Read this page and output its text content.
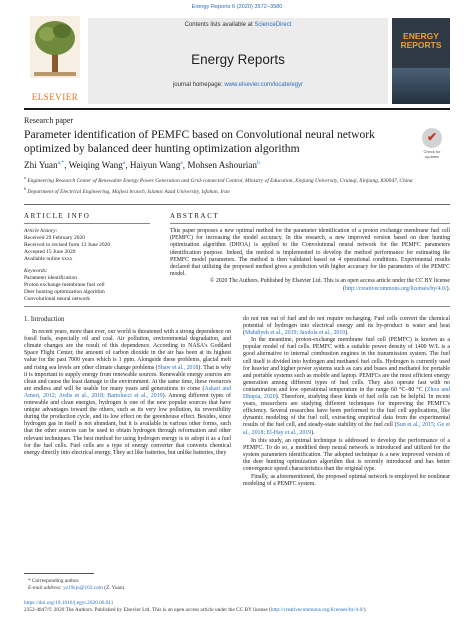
Energy Reports 6 (2020) 3572–3580
ELSEVIER
Contents lists available at ScienceDirect
Energy Reports
journal homepage: www.elsevier.com/locate/egyr
ENERGY
REPORTS
Research paper
Parameter identification of PEMFC based on Convolutional neural network optimized by balanced deer hunting optimization algorithm
✔
Check for updates
Zhi Yuan$^{a,*}$, Weiqing Wang$^a$, Haiyun Wang$^a$, Mohsen Ashourian$^b$
$^a$ Engineering Research Center of Renewable Energy Power Generation and Grid-connected Control, Ministry of Education, Xinjiang University, Urumqi, Xinjiang, 830047, China
$^b$ Department of Electrical Engineering, Majlesi branch, Islamic Azad University, Isfahan, Iran
ARTICLE INFO	ABSTRACT
Article history:
Received 29 February 2020
Received in revised form 13 June 2020
Accepted 15 June 2020
Available online xxxx
Keywords:
Parameter identification
Proton exchange membrane fuel cell
Deer hunting optimization algorithm
Convolutional neural network
This paper proposes a new optimal method for the parameter identification of a proton exchange membrane fuel cell (PEMFC) for increasing the model accuracy. In this research, a new improved version based on deer hunting optimization algorithm (DHOA) is applied to the Convolutional neural network for the PEMFC parameters identification purpose. Indeed, the method is implemented to develop the method performance for estimating the PEMFC model parameters. The method is then validated based on 4 operational conditions. Experimental results declared that utilizing the proposed method gives a prediction with higher accuracy for the parameters of the PEMFC model.
© 2020 The Authors. Published by Elsevier Ltd. This is an open access article under the CC BY license (http://creativecommons.org/licenses/by/4.0/).
1. Introduction
In recent years, more than ever, our world is threatened with a strong dependence on fossil fuels, especially oil and coal. Air pollution, environmental degradation, and climate changes are the result of this dependence. According to NASA's Goddard Space Flight Center, the amount of carbon dioxide in the air has been at its highest value for the past 7000 years which is 1 ppm. Alongside these problems, glacial melt and rising sea levels are other climate change problems (Shaw et al., 2018). That is why it is important to supply energy from renewable sources. Renewable energy sources are clean and cause the least damage to the environment. At the same time, these resources are endless and will be usable for many years and generations to come (Askari and Ameri, 2012; Avdis et al., 2018; Bartolucci et al., 2019). Among different types of renewable and clean energies, hydrogen is one of the new popular sources that have unique advantages toward the others, such as its very low pollution, its reversibility during the production cycle, and its low effect on the greenhouse effect. Besides, since hydrogen gas in itself is not abundant, but it is available in various other forms, such that the other sources can be used to obtain hydrogen through reformation and other relevant techniques. The best method for using hydrogen energy is to adopt it as a fuel for the fuel cells. Fuel cells are a type of energy converter that converts chemical energy directly into electrical energy. They act like batteries, but unlike batteries, they
do not run out of fuel and do not require recharging. Fuel cells convert the chemical potential of hydrogen into electrical energy and its by-product is water and heat (Mahdiyeh et al., 2019; Jaxdola et al., 2019).
In the meantime, proton-exchange membrane fuel cell (PEMFC) is known as a popular model of fuel cells. PEMFC with a suitable power density of 1400 W/L is a good alternative to internal combustion engines in the transmission system. The fuel cell itself is divided into hydrogen and methanol fuel cells. Hydrogen is currently used for heavier and higher power systems such as cars and buses and methanol for portable and portable systems such as mobile and laptop. PEMFCs are the most efficient energy generation among different types of fuel cells. They also operate fast with no contamination and low operational temperature in the range 60 °C–80 °C (Zhou and Dhupia, 2020). Therefore, studying these kinds of fuel cells can be helpful. In recent years, researchers are studying different techniques for improving the PEMFC's efficiency. Several researches have been performed to the fuel cell applications, like dynamic modeling of the fuel cell, extracting empirical data from the experimental results of the fuel cell, and steady-state stability of the fuel cell (Sun et al., 2015; Ge et al., 2018; El-Hay et al., 2019).
In this study, an optimal technique is addressed to develop the performance of a PEMFC. To do so, a modified deep neural network is introduced and utilized for the system parameters identification. The adopted technique is a new improved version of the deer hunting optimization algorithm that is recently introduced and has better convergence speed characteristics than the original type.
Finally, as aforementioned, the proposed optimal network is employed for nonlinear modeling of a PEMFC system.
* Corresponding author.
E-mail address: yz19sju@163.com (Z. Yuan).
https://doi.org/10.1016/j.egyr.2020.06.011
2352-4847/© 2020 The Authors. Published by Elsevier Ltd. This is an open access article under the CC BY license (http://creativecommons.org/licenses/by/4.0/).
